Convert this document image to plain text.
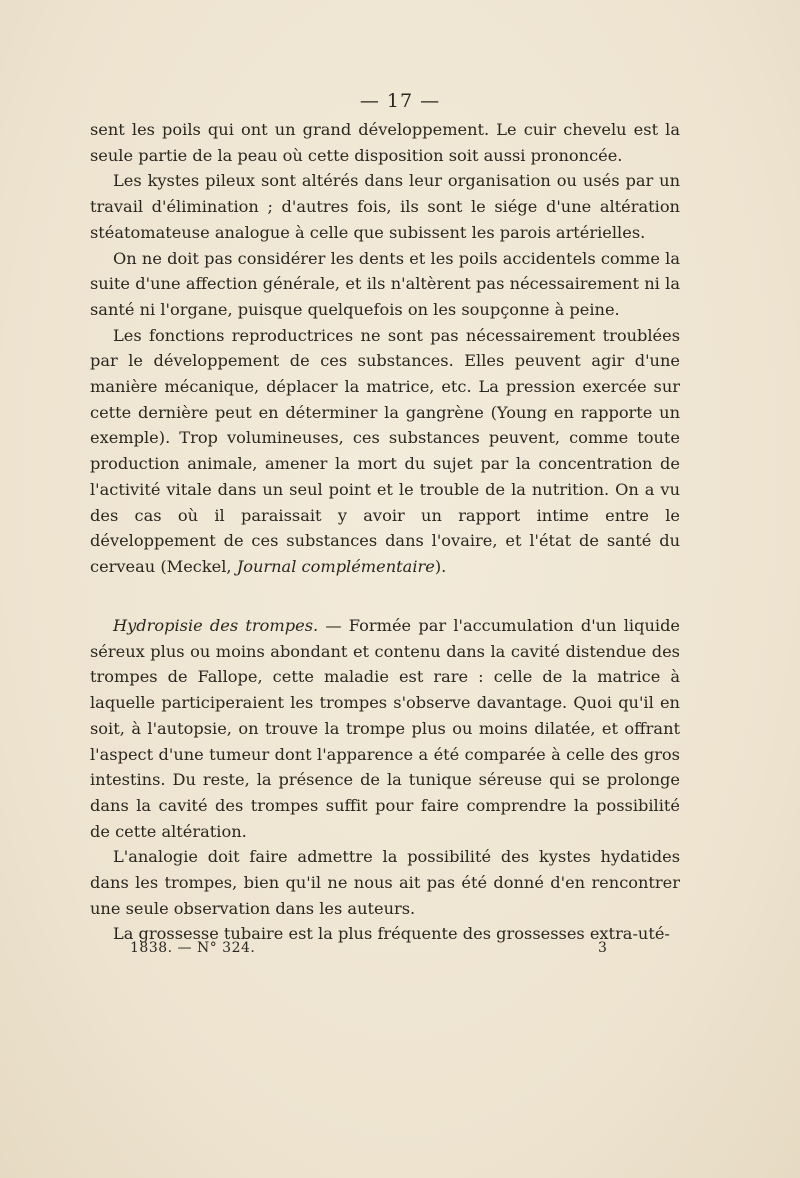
— 17 —

sent les poils qui ont un grand développement. Le cuir chevelu est la seule partie de la peau où cette disposition soit aussi prononcée.

Les kystes pileux sont altérés dans leur organisation ou usés par un travail d'élimination ; d'autres fois, ils sont le siége d'une altération stéatomateuse analogue à celle que subissent les parois artérielles.

On ne doit pas considérer les dents et les poils accidentels comme la suite d'une affection générale, et ils n'altèrent pas nécessairement ni la santé ni l'organe, puisque quelquefois on les soupçonne à peine.

Les fonctions reproductrices ne sont pas nécessairement troublées par le développement de ces substances. Elles peuvent agir d'une manière mécanique, déplacer la matrice, etc. La pression exercée sur cette dernière peut en déterminer la gangrène (Young en rapporte un exemple). Trop volumineuses, ces substances peuvent, comme toute production animale, amener la mort du sujet par la concentration de l'activité vitale dans un seul point et le trouble de la nutrition. On a vu des cas où il paraissait y avoir un rapport intime entre le développement de ces substances dans l'ovaire, et l'état de santé du cerveau (Meckel, Journal complémentaire).

Hydropisie des trompes. — Formée par l'accumulation d'un liquide séreux plus ou moins abondant et contenu dans la cavité distendue des trompes de Fallope, cette maladie est rare : celle de la matrice à laquelle participeraient les trompes s'observe davantage. Quoi qu'il en soit, à l'autopsie, on trouve la trompe plus ou moins dilatée, et offrant l'aspect d'une tumeur dont l'apparence a été comparée à celle des gros intestins. Du reste, la présence de la tunique séreuse qui se prolonge dans la cavité des trompes suffit pour faire comprendre la possibilité de cette altération.

L'analogie doit faire admettre la possibilité des kystes hydatides dans les trompes, bien qu'il ne nous ait pas été donné d'en rencontrer une seule observation dans les auteurs.

La grossesse tubaire est la plus fréquente des grossesses extra-uté-

1838. — N° 324.	3
